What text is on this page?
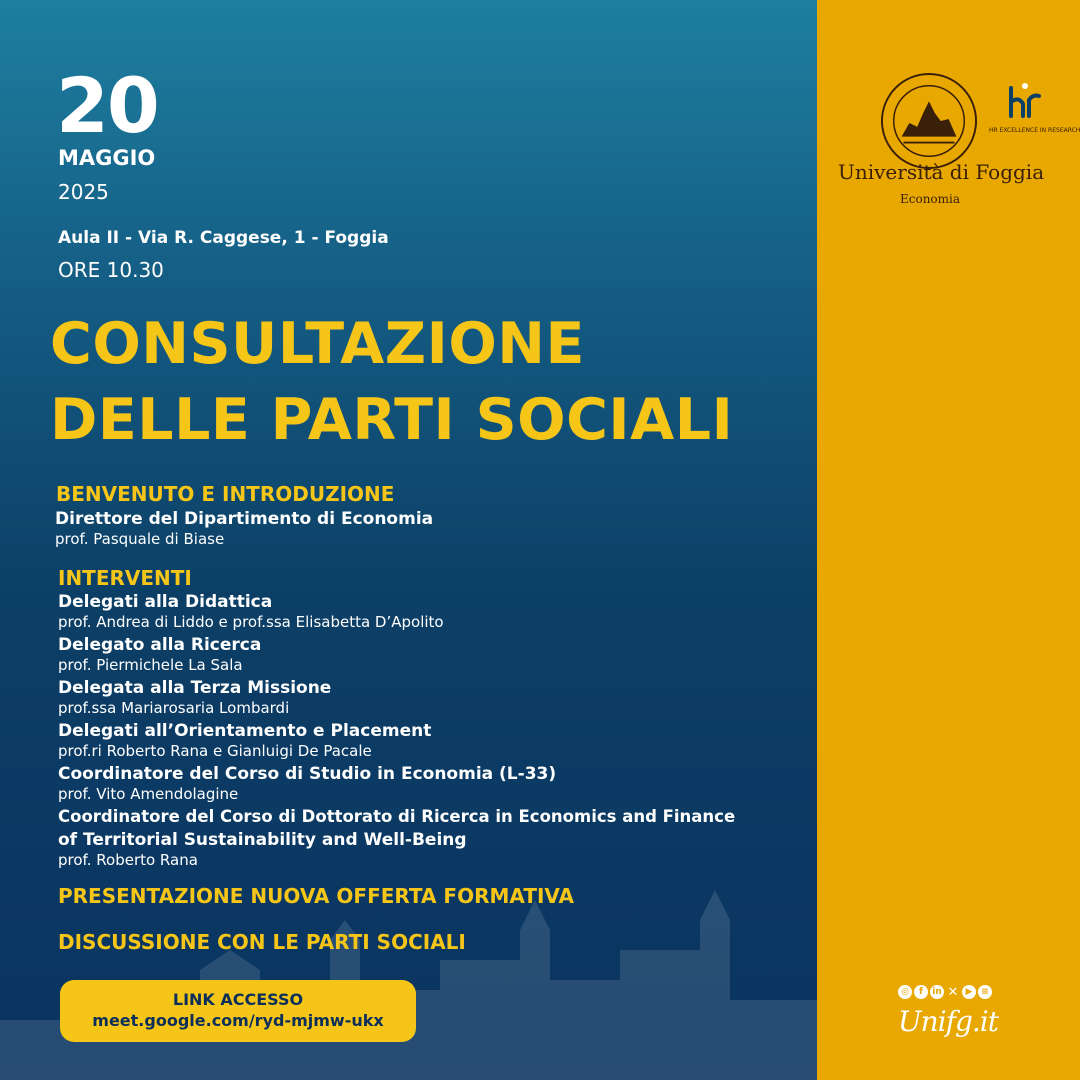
20
MAGGIO
2025
Aula II - Via R. Caggese, 1 - Foggia
ORE 10.30
CONSULTAZIONE
DELLE PARTI SOCIALI
BENVENUTO E INTRODUZIONE
Direttore del Dipartimento di Economia
prof. Pasquale di Biase
INTERVENTI
Delegati alla Didattica
prof. Andrea di Liddo e prof.ssa Elisabetta D’Apolito
Delegato alla Ricerca
prof. Piermichele La Sala
Delegata alla Terza Missione
prof.ssa Mariarosaria Lombardi
Delegati all’Orientamento e Placement
prof.ri Roberto Rana e Gianluigi De Pacale
Coordinatore del Corso di Studio in Economia (L-33)
prof. Vito Amendolagine
Coordinatore del Corso di Dottorato di Ricerca in Economics and Finance
of Territorial Sustainability and Well-Being
prof. Roberto Rana
PRESENTAZIONE NUOVA OFFERTA FORMATIVA
DISCUSSIONE CON LE PARTI SOCIALI
LINK ACCESSO
meet.google.com/ryd-mjmw-ukx
HR EXCELLENCE IN RESEARCH
Università di Foggia
Economia
◎	f	in ✕ ▶ ≡
Unifg.it
